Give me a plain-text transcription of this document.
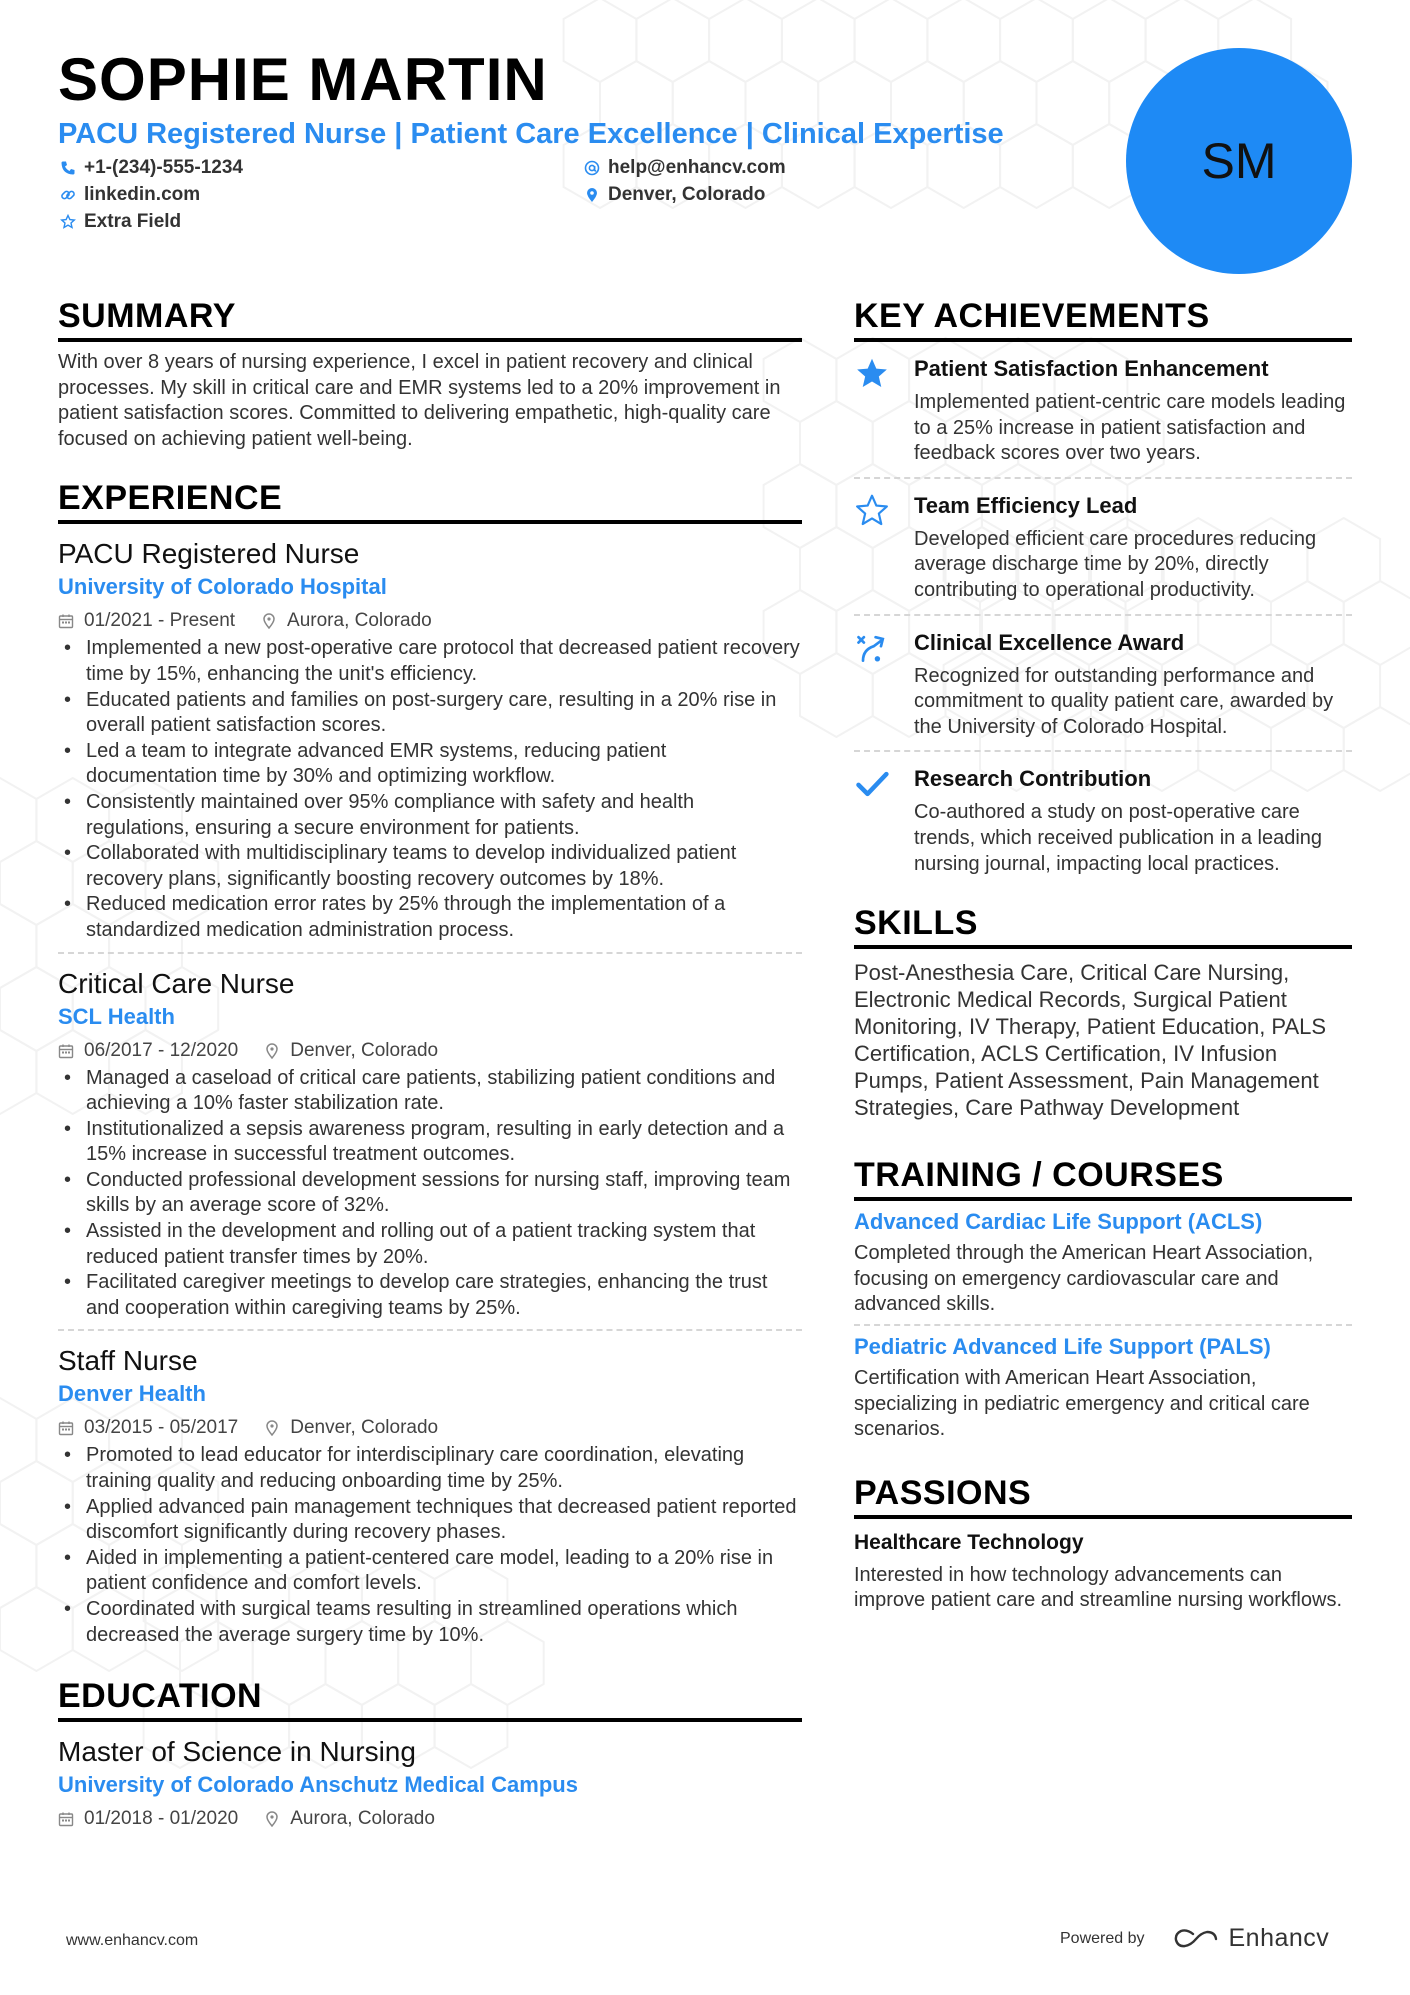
SOPHIE MARTIN
PACU Registered Nurse | Patient Care Excellence | Clinical Expertise
+1-(234)-555-1234	help@enhancv.com
linkedin.com	Denver, Colorado
Extra Field
SM
SUMMARY
With over 8 years of nursing experience, I excel in patient recovery and clinical processes. My skill in critical care and EMR systems led to a 20% improvement in patient satisfaction scores. Committed to delivering empathetic, high-quality care focused on achieving patient well-being.
EXPERIENCE
PACU Registered Nurse
University of Colorado Hospital
01/2021 - Present	Aurora, Colorado
• Implemented a new post-operative care protocol that decreased patient recovery time by 15%, enhancing the unit's efficiency.
• Educated patients and families on post-surgery care, resulting in a 20% rise in overall patient satisfaction scores.
• Led a team to integrate advanced EMR systems, reducing patient documentation time by 30% and optimizing workflow.
• Consistently maintained over 95% compliance with safety and health regulations, ensuring a secure environment for patients.
• Collaborated with multidisciplinary teams to develop individualized patient recovery plans, significantly boosting recovery outcomes by 18%.
• Reduced medication error rates by 25% through the implementation of a standardized medication administration process.
Critical Care Nurse
SCL Health
06/2017 - 12/2020	Denver, Colorado
• Managed a caseload of critical care patients, stabilizing patient conditions and achieving a 10% faster stabilization rate.
• Institutionalized a sepsis awareness program, resulting in early detection and a 15% increase in successful treatment outcomes.
• Conducted professional development sessions for nursing staff, improving team skills by an average score of 32%.
• Assisted in the development and rolling out of a patient tracking system that reduced patient transfer times by 20%.
• Facilitated caregiver meetings to develop care strategies, enhancing the trust and cooperation within caregiving teams by 25%.
Staff Nurse
Denver Health
03/2015 - 05/2017	Denver, Colorado
• Promoted to lead educator for interdisciplinary care coordination, elevating training quality and reducing onboarding time by 25%.
• Applied advanced pain management techniques that decreased patient reported discomfort significantly during recovery phases.
• Aided in implementing a patient-centered care model, leading to a 20% rise in patient confidence and comfort levels.
• Coordinated with surgical teams resulting in streamlined operations which decreased the average surgery time by 10%.
EDUCATION
Master of Science in Nursing
University of Colorado Anschutz Medical Campus
01/2018 - 01/2020	Aurora, Colorado
KEY ACHIEVEMENTS
Patient Satisfaction Enhancement
Implemented patient-centric care models leading to a 25% increase in patient satisfaction and feedback scores over two years.
Team Efficiency Lead
Developed efficient care procedures reducing average discharge time by 20%, directly contributing to operational productivity.
Clinical Excellence Award
Recognized for outstanding performance and commitment to quality patient care, awarded by the University of Colorado Hospital.
Research Contribution
Co-authored a study on post-operative care trends, which received publication in a leading nursing journal, impacting local practices.
SKILLS
Post-Anesthesia Care, Critical Care Nursing, Electronic Medical Records, Surgical Patient Monitoring, IV Therapy, Patient Education, PALS Certification, ACLS Certification, IV Infusion Pumps, Patient Assessment, Pain Management Strategies, Care Pathway Development
TRAINING / COURSES
Advanced Cardiac Life Support (ACLS)
Completed through the American Heart Association, focusing on emergency cardiovascular care and advanced skills.
Pediatric Advanced Life Support (PALS)
Certification with American Heart Association, specializing in pediatric emergency and critical care scenarios.
PASSIONS
Healthcare Technology
Interested in how technology advancements can improve patient care and streamline nursing workflows.
www.enhancv.com	Powered by	Enhancv
